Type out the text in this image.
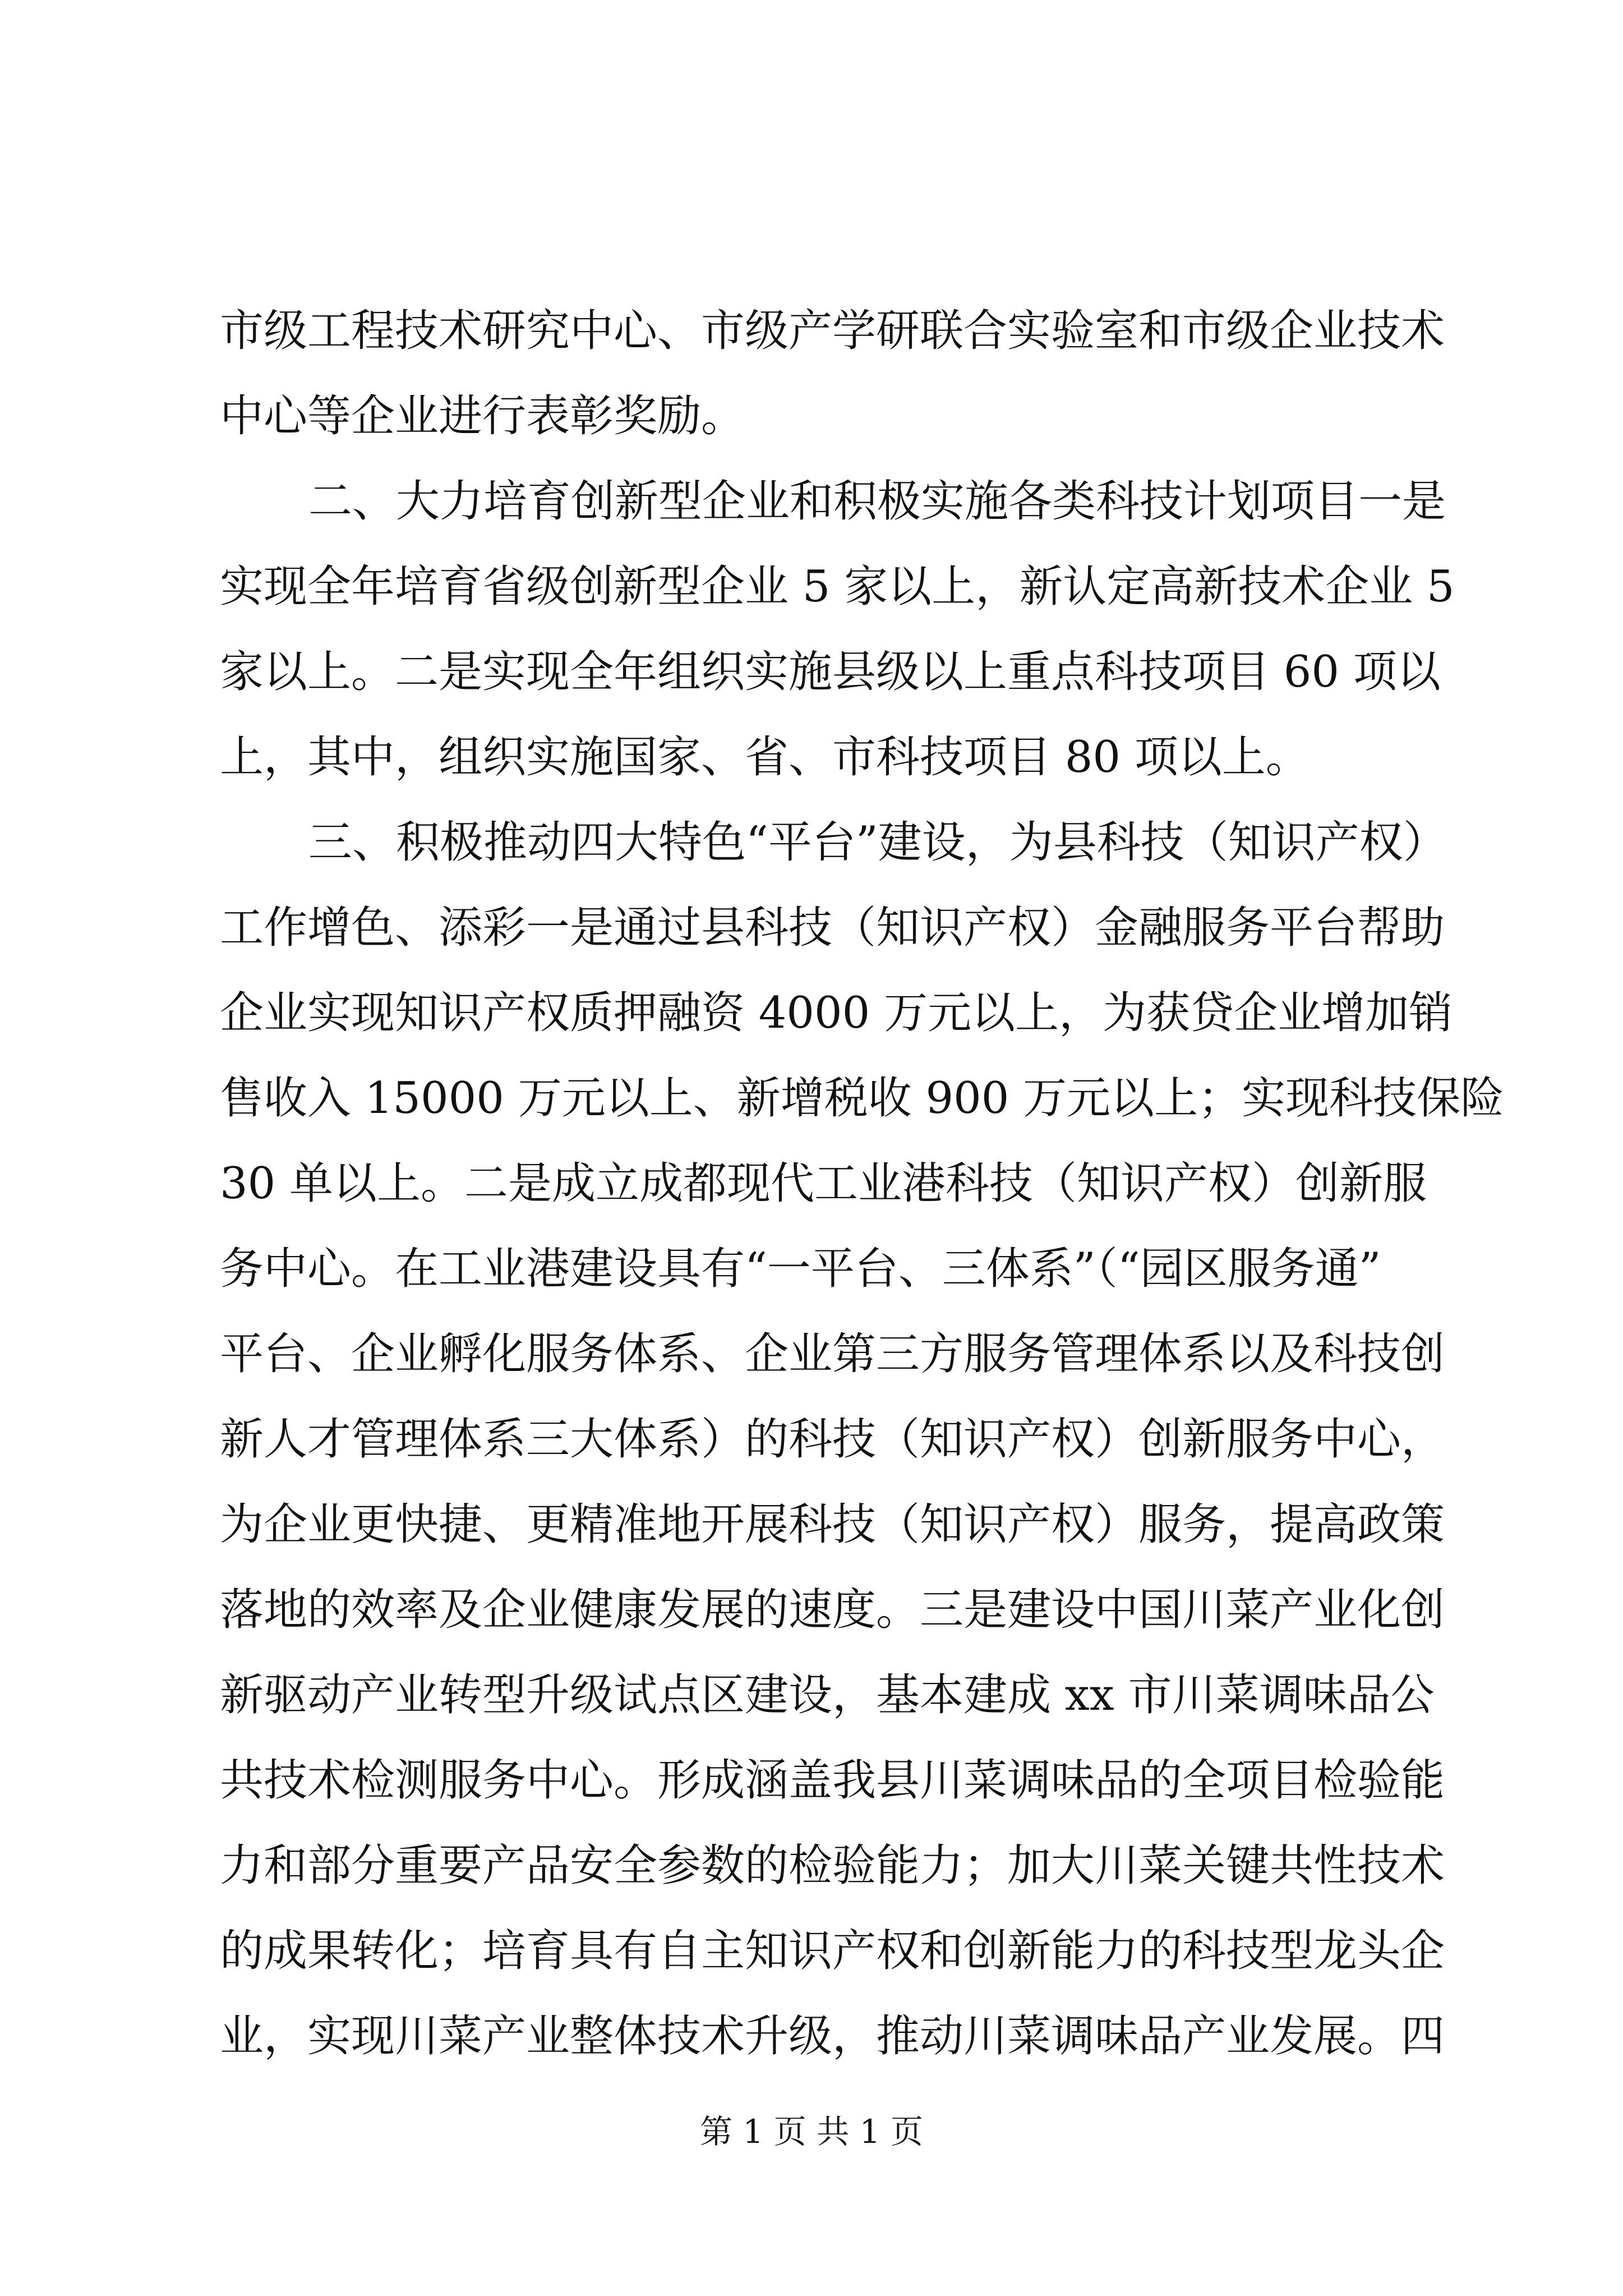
市级工程技术研究中心、市级产学研联合实验室和市级企业技术
中心等企业进行表彰奖励。
二、大力培育创新型企业和积极实施各类科技计划项目一是
实现全年培育省级创新型企业 5 家以上，新认定高新技术企业 5
家以上。二是实现全年组织实施县级以上重点科技项目 60 项以
上，其中，组织实施国家、省、市科技项目 80 项以上。
三、积极推动四大特色“平台”建设，为县科技（知识产权）
工作增色、添彩一是通过县科技（知识产权）金融服务平台帮助
企业实现知识产权质押融资 4000 万元以上，为获贷企业增加销
售收入 15000 万元以上、新增税收 900 万元以上；实现科技保险
30 单以上。二是成立成都现代工业港科技（知识产权）创新服
务中心。在工业港建设具有“一平台、三体系”（“园区服务通”
平台、企业孵化服务体系、企业第三方服务管理体系以及科技创
新人才管理体系三大体系）的科技（知识产权）创新服务中心，
为企业更快捷、更精准地开展科技（知识产权）服务，提高政策
落地的效率及企业健康发展的速度。三是建设中国川菜产业化创
新驱动产业转型升级试点区建设，基本建成 xx 市川菜调味品公
共技术检测服务中心。形成涵盖我县川菜调味品的全项目检验能
力和部分重要产品安全参数的检验能力；加大川菜关键共性技术
的成果转化；培育具有自主知识产权和创新能力的科技型龙头企
业，实现川菜产业整体技术升级，推动川菜调味品产业发展。四
第 1 页 共 1 页
